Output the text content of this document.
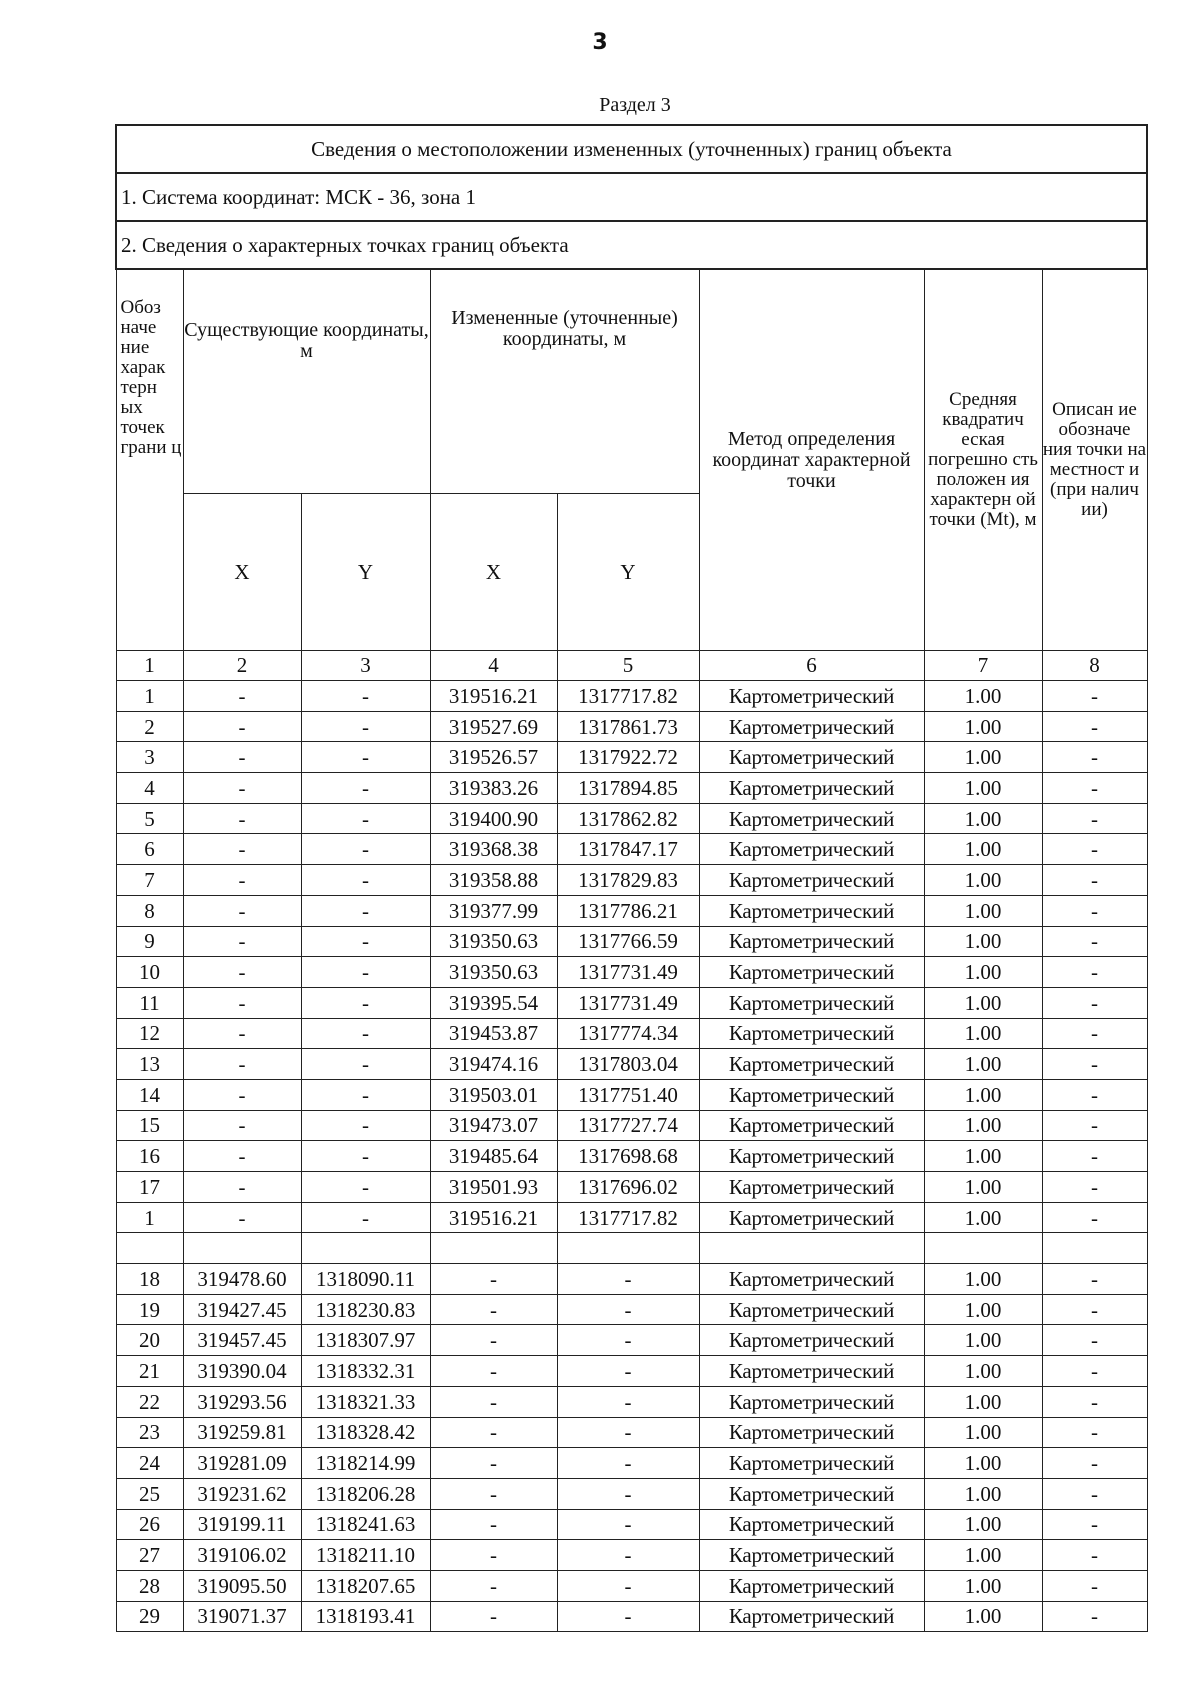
3
Раздел 3
Сведения о местоположении измененных (уточненных) границ объекта							
1. Система координат: МСК - 36, зона 1							
2. Сведения о характерных точках границ объекта							
Обоз наче ние харак терн ых точек грани ц	Существующие координаты, м		Измененные (уточненные) координаты, м		Метод определения координат характерной точки	Средняя квадратич еская погрешно сть положен ия характерн ой точки (Mt), м	Описан ие обозначе ния точки на местност и (при налич ии)
	X	Y	X	Y			
1	2	3	4	5	6	7	8
1	-	-	319516.21	1317717.82	Картометрический	1.00	-
2	-	-	319527.69	1317861.73	Картометрический	1.00	-
3	-	-	319526.57	1317922.72	Картометрический	1.00	-
4	-	-	319383.26	1317894.85	Картометрический	1.00	-
5	-	-	319400.90	1317862.82	Картометрический	1.00	-
6	-	-	319368.38	1317847.17	Картометрический	1.00	-
7	-	-	319358.88	1317829.83	Картометрический	1.00	-
8	-	-	319377.99	1317786.21	Картометрический	1.00	-
9	-	-	319350.63	1317766.59	Картометрический	1.00	-
10	-	-	319350.63	1317731.49	Картометрический	1.00	-
11	-	-	319395.54	1317731.49	Картометрический	1.00	-
12	-	-	319453.87	1317774.34	Картометрический	1.00	-
13	-	-	319474.16	1317803.04	Картометрический	1.00	-
14	-	-	319503.01	1317751.40	Картометрический	1.00	-
15	-	-	319473.07	1317727.74	Картометрический	1.00	-
16	-	-	319485.64	1317698.68	Картометрический	1.00	-
17	-	-	319501.93	1317696.02	Картометрический	1.00	-
1	-	-	319516.21	1317717.82	Картометрический	1.00	-

18	319478.60	1318090.11	-	-	Картометрический	1.00	-
19	319427.45	1318230.83	-	-	Картометрический	1.00	-
20	319457.45	1318307.97	-	-	Картометрический	1.00	-
21	319390.04	1318332.31	-	-	Картометрический	1.00	-
22	319293.56	1318321.33	-	-	Картометрический	1.00	-
23	319259.81	1318328.42	-	-	Картометрический	1.00	-
24	319281.09	1318214.99	-	-	Картометрический	1.00	-
25	319231.62	1318206.28	-	-	Картометрический	1.00	-
26	319199.11	1318241.63	-	-	Картометрический	1.00	-
27	319106.02	1318211.10	-	-	Картометрический	1.00	-
28	319095.50	1318207.65	-	-	Картометрический	1.00	-
29	319071.37	1318193.41	-	-	Картометрический	1.00	-
